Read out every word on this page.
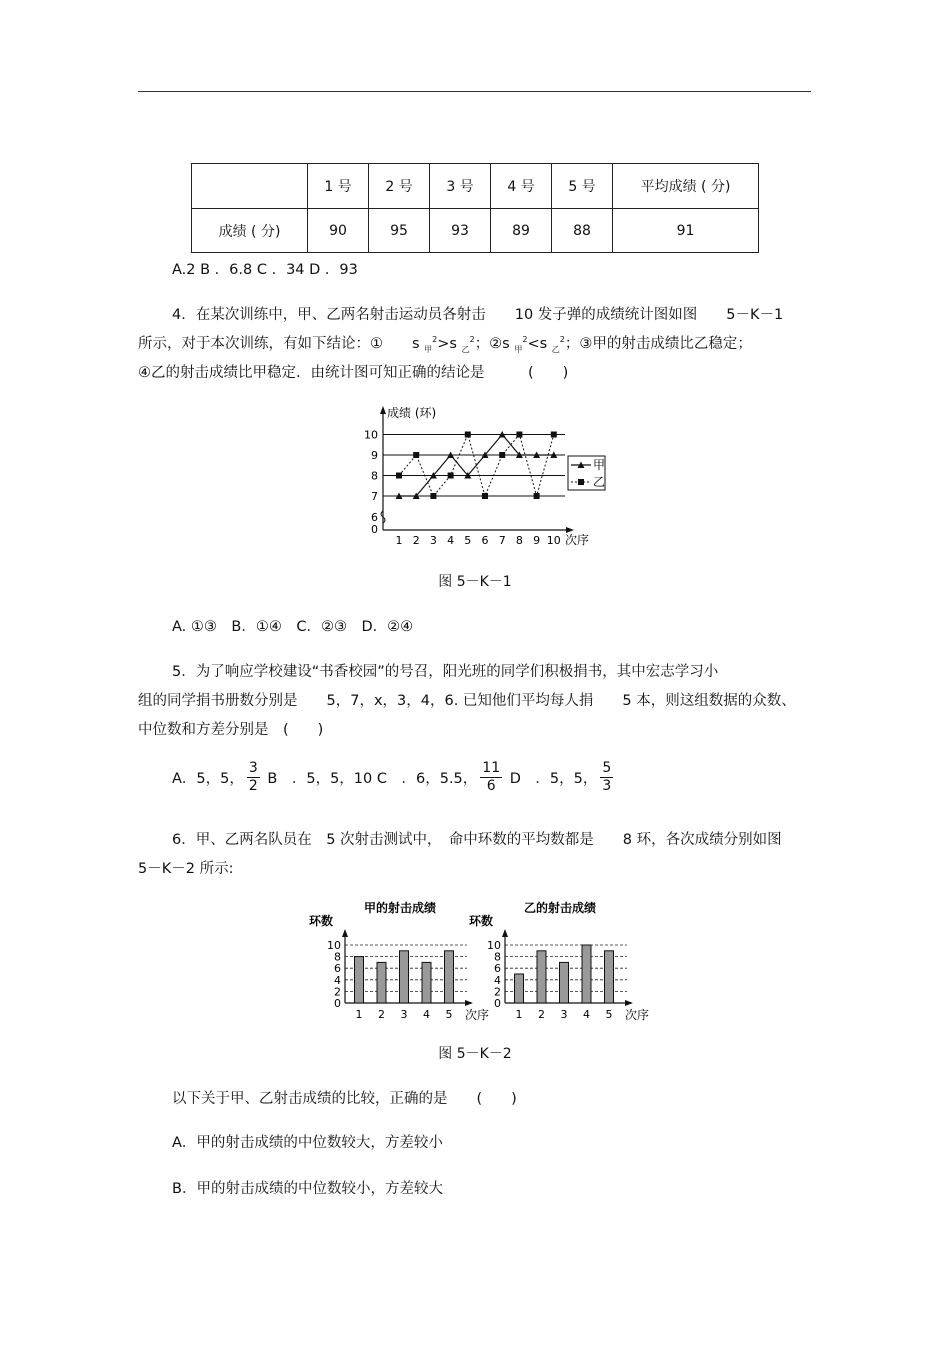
	1 号	2 号	3 号	4 号	5 号	平均成绩 ( 分)
成绩 ( 分)	90	95	93	89	88	91
A.2 B ．6.8 C ．34 D ．93
4．在某次训练中，甲、乙两名射击运动员各射击　　10 发子弹的成绩统计图如图　　5－K－1
所示，对于本次训练，有如下结论：①　　s $_甲^2$>s $_乙^2$；②s $_甲^2$<s $_乙^2$；③甲的射击成绩比乙稳定；
④乙的射击成绩比甲稳定．由统计图可知正确的结论是　　　(　　)
成绩 (环)
次序
10
9
8
7
6
0
1 2 3 4 5 6 7 8 9 10
甲
乙
图 5－K－1
A. ①③　B．①④　C．②③　D．②④
5．为了响应学校建设“书香校园”的号召，阳光班的同学们积极捐书，其中宏志学习小
组的同学捐书册数分别是　　5，7，x，3，4，6. 已知他们平均每人捐　　5 本，则这组数据的众数、
中位数和方差分别是　(　　)
A．5，5， $\frac{3}{2}$ B　．5，5，10 C　．6，5.5， $\frac{11}{6}$ D　．5，5， $\frac{5}{3}$
6．甲、乙两名队员在　5 次射击测试中，　命中环数的平均数都是　　8 环，各次成绩分别如图
5－K－2 所示:
甲的射击成绩
环数
10
8
6
4
2
0
次序
1 2 3 4 5
乙的射击成绩
环数
10
8
6
4
2
0
次序
1 2 3 4 5
图 5－K－2
以下关于甲、乙射击成绩的比较，正确的是　　(　　)
A．甲的射击成绩的中位数较大，方差较小
B．甲的射击成绩的中位数较小，方差较大
